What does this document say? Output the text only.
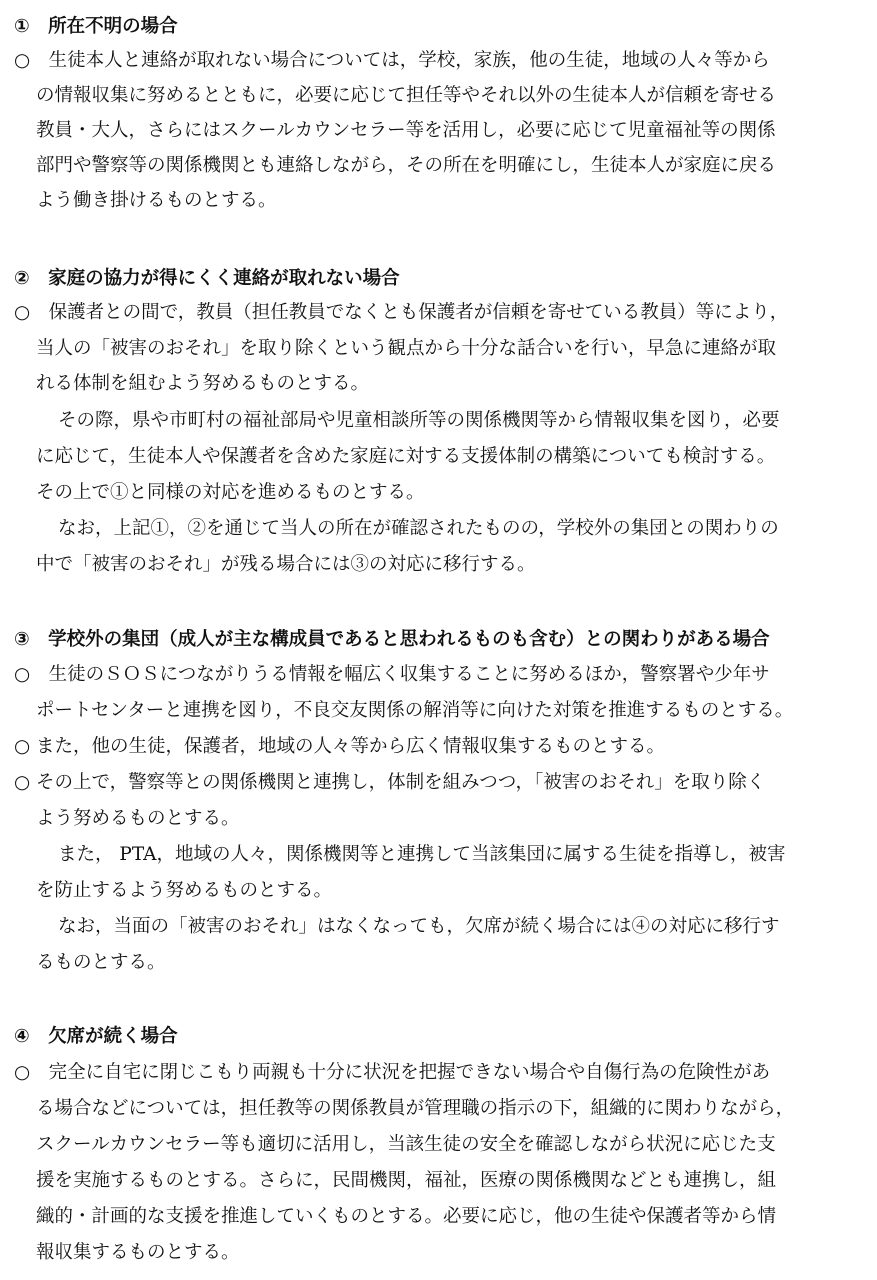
①　所在不明の場合
○　生徒本人と連絡が取れない場合については，学校，家族，他の生徒，地域の人々等から
の情報収集に努めるとともに，必要に応じて担任等やそれ以外の生徒本人が信頼を寄せる
教員・大人，さらにはスクールカウンセラー等を活用し，必要に応じて児童福祉等の関係
部門や警察等の関係機関とも連絡しながら，その所在を明確にし，生徒本人が家庭に戻る
よう働き掛けるものとする。
②　家庭の協力が得にくく連絡が取れない場合
○　保護者との間で，教員（担任教員でなくとも保護者が信頼を寄せている教員）等により，
当人の「被害のおそれ」を取り除くという観点から十分な話合いを行い，早急に連絡が取
れる体制を組むよう努めるものとする。
その際，県や市町村の福祉部局や児童相談所等の関係機関等から情報収集を図り，必要
に応じて，生徒本人や保護者を含めた家庭に対する支援体制の構築についても検討する。
その上で①と同様の対応を進めるものとする。
なお，上記①，②を通じて当人の所在が確認されたものの，学校外の集団との関わりの
中で「被害のおそれ」が残る場合には③の対応に移行する。
③　学校外の集団（成人が主な構成員であると思われるものも含む）との関わりがある場合
○　生徒のＳＯＳにつながりうる情報を幅広く収集することに努めるほか，警察署や少年サ
ポートセンターと連携を図り，不良交友関係の解消等に向けた対策を推進するものとする。
○ また，他の生徒，保護者，地域の人々等から広く情報収集するものとする。
○ その上で，警察等との関係機関と連携し，体制を組みつつ，「被害のおそれ」を取り除く
よう努めるものとする。
また， PTA，地域の人々，関係機関等と連携して当該集団に属する生徒を指導し，被害
を防止するよう努めるものとする。
なお，当面の「被害のおそれ」はなくなっても，欠席が続く場合には④の対応に移行す
るものとする。
④　欠席が続く場合
○　完全に自宅に閉じこもり両親も十分に状況を把握できない場合や自傷行為の危険性があ
る場合などについては，担任教等の関係教員が管理職の指示の下，組織的に関わりながら，
スクールカウンセラー等も適切に活用し，当該生徒の安全を確認しながら状況に応じた支
援を実施するものとする。さらに，民間機関，福祉，医療の関係機関などとも連携し，組
織的・計画的な支援を推進していくものとする。必要に応じ，他の生徒や保護者等から情
報収集するものとする。
